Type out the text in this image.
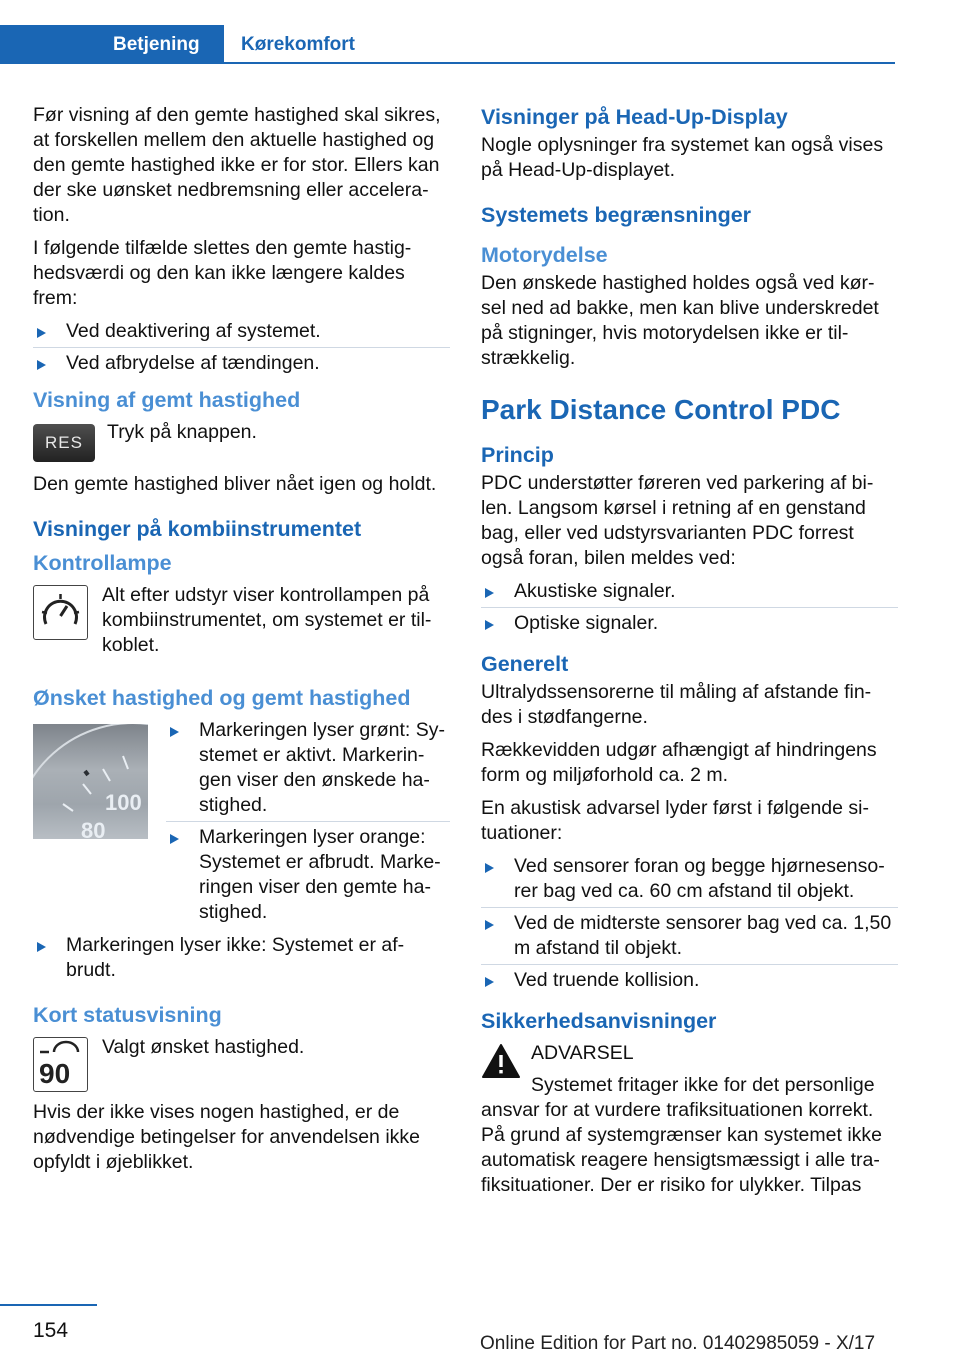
Betjening Kørekomfort

Før visning af den gemte hastighed skal sikres, at forskellen mellem den aktuelle hastighed og den gemte hastighed ikke er for stor. Ellers kan der ske uønsket nedbremsning eller accelera-tion.

I følgende tilfælde slettes den gemte hastig-hedsværdi og den kan ikke længere kaldes frem:

Ved deaktivering af systemet.
Ved afbrydelse af tændingen.
Visning af gemt hastighed
RES	Tryk på knappen.

Den gemte hastighed bliver nået igen og holdt.

Visninger på kombiinstrumentet
Kontrollampe
Alt efter udstyr viser kontrollampen på kombiinstrumentet, om systemet er til-koblet.
Ønsket hastighed og gemt hastighed
100
80
Markeringen lyser grønt: Sy-stemet er aktivt. Markerin-gen viser den ønskede ha-stighed.
Markeringen lyser orange: Systemet er afbrudt. Marke-ringen viser den gemte ha-stighed.
Markeringen lyser ikke: Systemet er af-brudt.
Kort statusvisning
90
Valgt ønsket hastighed.

Hvis der ikke vises nogen hastighed, er de nødvendige betingelser for anvendelsen ikke opfyldt i øjeblikket.

Visninger på Head-Up-Display

Nogle oplysninger fra systemet kan også vises på Head-Up-displayet.

Systemets begrænsninger
Motorydelse

Den ønskede hastighed holdes også ved kør-sel ned ad bakke, men kan blive underskredet på stigninger, hvis motorydelsen ikke er til-strækkelig.

Park Distance Control PDC
Princip

PDC understøtter føreren ved parkering af bi-len. Langsom kørsel i retning af en genstand bag, eller ved udstyrsvarianten PDC forrest også foran, bilen meldes ved:

Akustiske signaler.
Optiske signaler.
Generelt

Ultralydssensorerne til måling af afstande fin-des i stødfangerne.

Rækkevidden udgør afhængigt af hindringens form og miljøforhold ca. 2 m.

En akustisk advarsel lyder først i følgende si-tuationer:

Ved sensorer foran og begge hjørnesenso-rer bag ved ca. 60 cm afstand til objekt.
Ved de midterste sensorer bag ved ca. 1,50 m afstand til objekt.
Ved truende kollision.
Sikkerhedsanvisninger
ADVARSEL
Systemet fritager ikke for det personlige

ansvar for at vurdere trafiksituationen korrekt. På grund af systemgrænser kan systemet ikke automatisk reagere hensigtsmæssigt i alle tra-fiksituationer. Der er risiko for ulykker. Tilpas

154
Online Edition for Part no. 01402985059 - X/17
